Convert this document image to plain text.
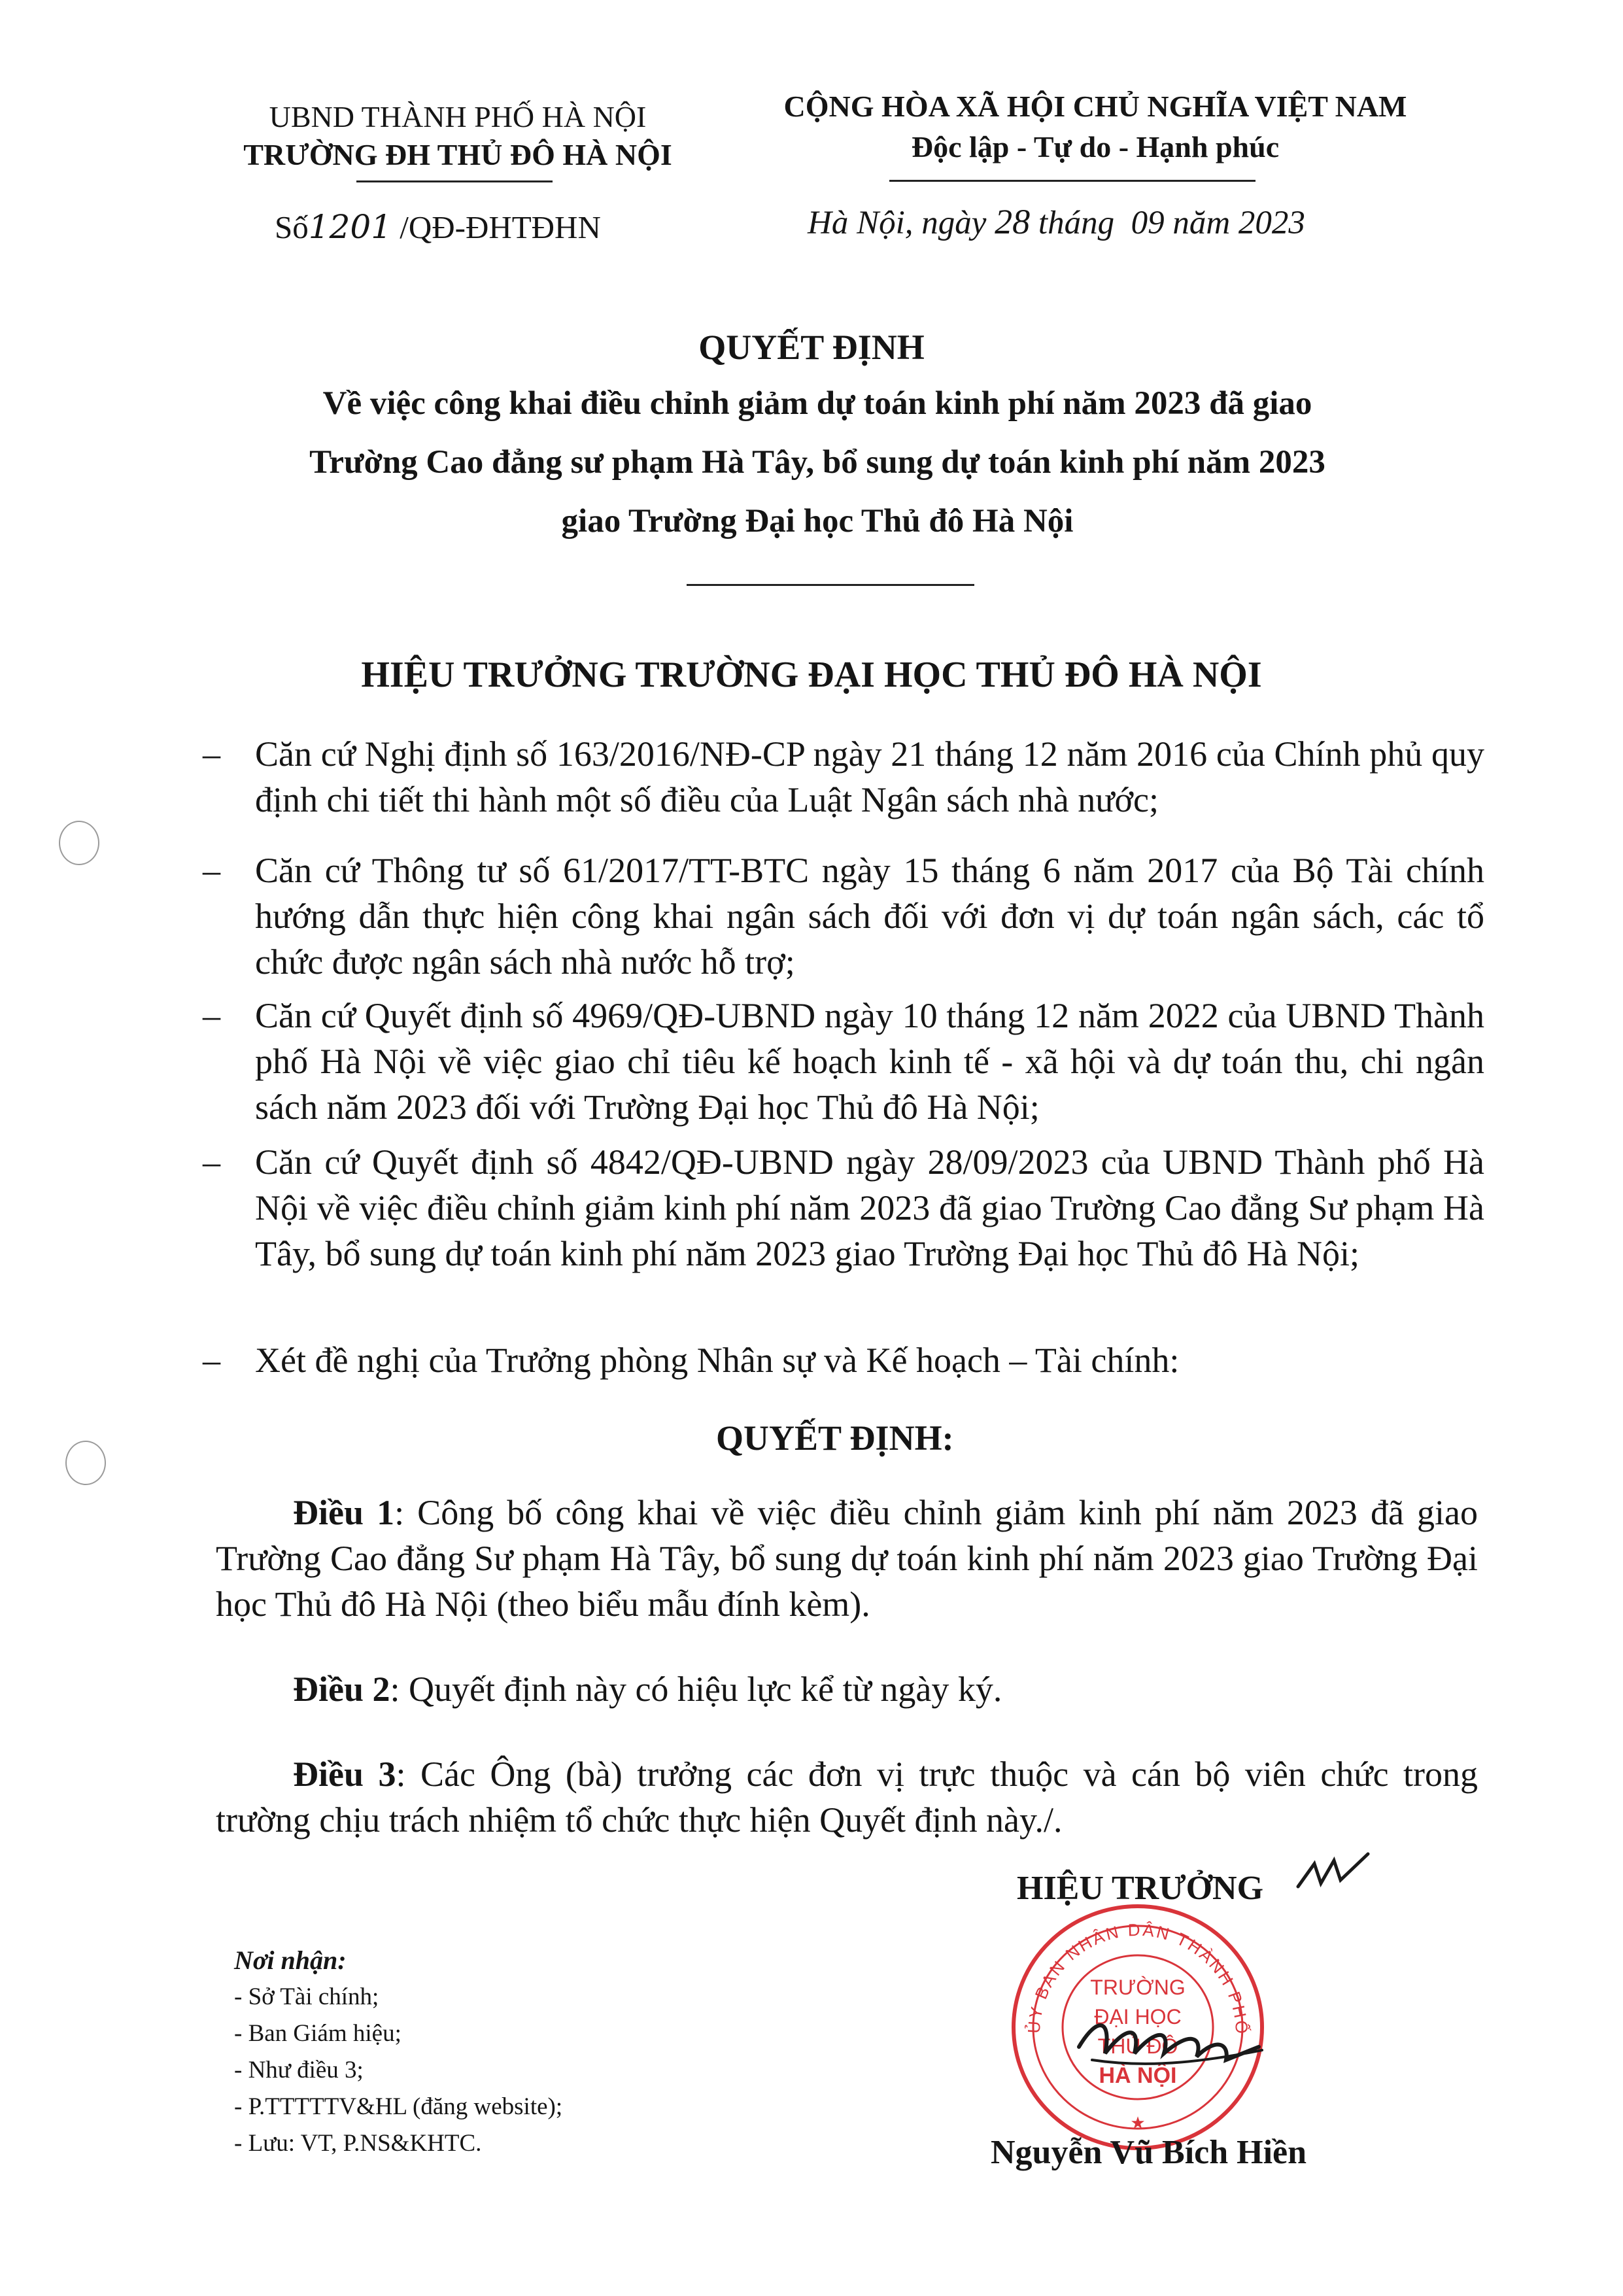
UBND THÀNH PHỐ HÀ NỘI
TRƯỜNG ĐH THỦ ĐÔ HÀ NỘI
CỘNG HÒA XÃ HỘI CHỦ NGHĨA VIỆT NAM
Độc lập - Tự do - Hạnh phúc
Số1201 /QĐ-ĐHTĐHN	Hà Nội, ngày 28 tháng 09 năm 2023
QUYẾT ĐỊNH
Về việc công khai điều chỉnh giảm dự toán kinh phí năm 2023 đã giao
Trường Cao đẳng sư phạm Hà Tây, bổ sung dự toán kinh phí năm 2023
giao Trường Đại học Thủ đô Hà Nội
HIỆU TRƯỞNG TRƯỜNG ĐẠI HỌC THỦ ĐÔ HÀ NỘI
– Căn cứ Nghị định số 163/2016/NĐ-CP ngày 21 tháng 12 năm 2016 của Chính phủ quy định chi tiết thi hành một số điều của Luật Ngân sách nhà nước;
– Căn cứ Thông tư số 61/2017/TT-BTC ngày 15 tháng 6 năm 2017 của Bộ Tài chính hướng dẫn thực hiện công khai ngân sách đối với đơn vị dự toán ngân sách, các tổ chức được ngân sách nhà nước hỗ trợ;
– Căn cứ Quyết định số 4969/QĐ-UBND ngày 10 tháng 12 năm 2022 của UBND Thành phố Hà Nội về việc giao chỉ tiêu kế hoạch kinh tế - xã hội và dự toán thu, chi ngân sách năm 2023 đối với Trường Đại học Thủ đô Hà Nội;
– Căn cứ Quyết định số 4842/QĐ-UBND ngày 28/09/2023 của UBND Thành phố Hà Nội về việc điều chỉnh giảm kinh phí năm 2023 đã giao Trường Cao đẳng Sư phạm Hà Tây, bổ sung dự toán kinh phí năm 2023 giao Trường Đại học Thủ đô Hà Nội;
– Xét đề nghị của Trưởng phòng Nhân sự và Kế hoạch – Tài chính:
QUYẾT ĐỊNH:
Điều 1: Công bố công khai về việc điều chỉnh giảm kinh phí năm 2023 đã giao Trường Cao đẳng Sư phạm Hà Tây, bổ sung dự toán kinh phí năm 2023 giao Trường Đại học Thủ đô Hà Nội (theo biểu mẫu đính kèm).
Điều 2: Quyết định này có hiệu lực kể từ ngày ký.
Điều 3: Các Ông (bà) trưởng các đơn vị trực thuộc và cán bộ viên chức trong trường chịu trách nhiệm tổ chức thực hiện Quyết định này./.
HIỆU TRƯỞNG
ỦY BAN NHÂN DÂN THÀNH PHỐ
TRƯỜNG
ĐẠI HỌC
THỦ ĐÔ
HÀ NỘI
★
Nguyễn Vũ Bích Hiền
Nơi nhận:
- Sở Tài chính;
- Ban Giám hiệu;
- Như điều 3;
- P.TTTTTV&HL (đăng website);
- Lưu: VT, P.NS&KHTC.
